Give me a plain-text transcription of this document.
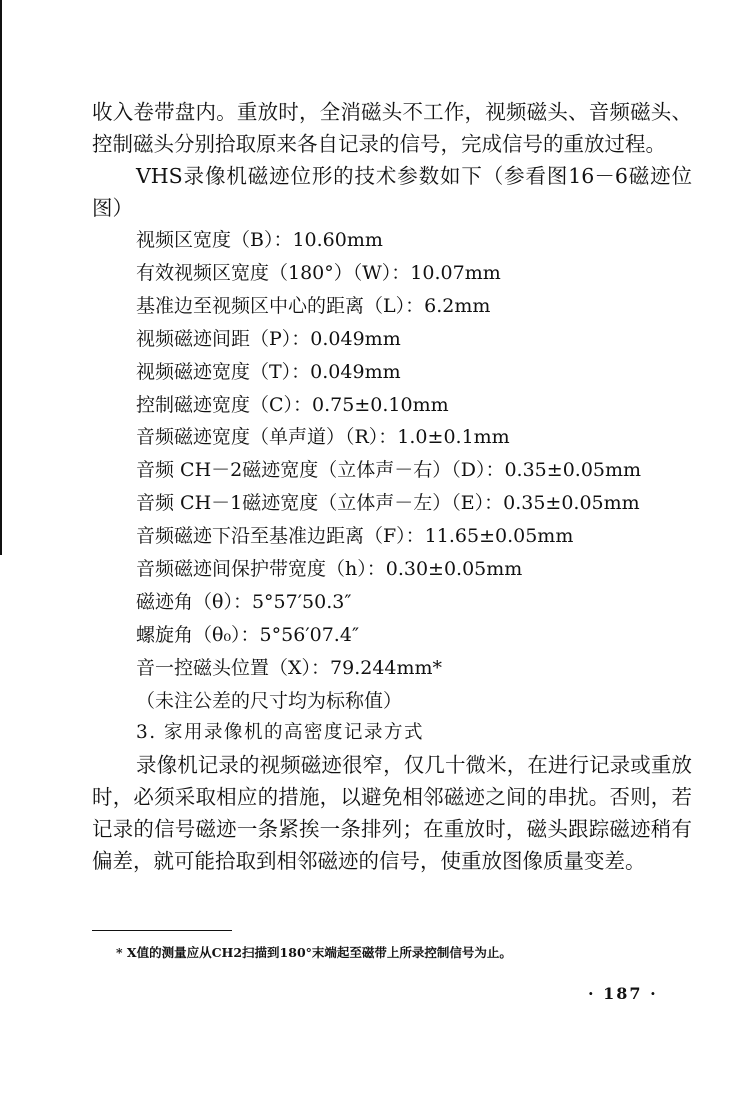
收入卷带盘内。重放时，全消磁头不工作，视频磁头、音频磁头、控制磁头分别拾取原来各自记录的信号，完成信号的重放过程。

VHS录像机磁迹位形的技术参数如下（参看图16－6磁迹位图）

视频区宽度（B）：10.60mm
有效视频区宽度（180°）（W）：10.07mm
基准边至视频区中心的距离（L）：6.2mm
视频磁迹间距（P）：0.049mm
视频磁迹宽度（T）：0.049mm
控制磁迹宽度（C）：0.75±0.10mm
音频磁迹宽度（单声道）（R）：1.0±0.1mm
音频 CH－2磁迹宽度（立体声－右）（D）：0.35±0.05mm
音频 CH－1磁迹宽度（立体声－左）（E）：0.35±0.05mm
音频磁迹下沿至基准边距离（F）：11.65±0.05mm
音频磁迹间保护带宽度（h）：0.30±0.05mm
磁迹角（θ）：5°57′50.3″
螺旋角（θ₀）：5°56′07.4″
音一控磁头位置（X）：79.244mm*

（未注公差的尺寸均为标称值）

3. 家用录像机的高密度记录方式

录像机记录的视频磁迹很窄，仅几十微米，在进行记录或重放时，必须采取相应的措施，以避免相邻磁迹之间的串扰。否则，若记录的信号磁迹一条紧挨一条排列；在重放时，磁头跟踪磁迹稍有偏差，就可能拾取到相邻磁迹的信号，使重放图像质量变差。

* X值的测量应从CH2扫描到180°末端起至磁带上所录控制信号为止。
· 187 ·
